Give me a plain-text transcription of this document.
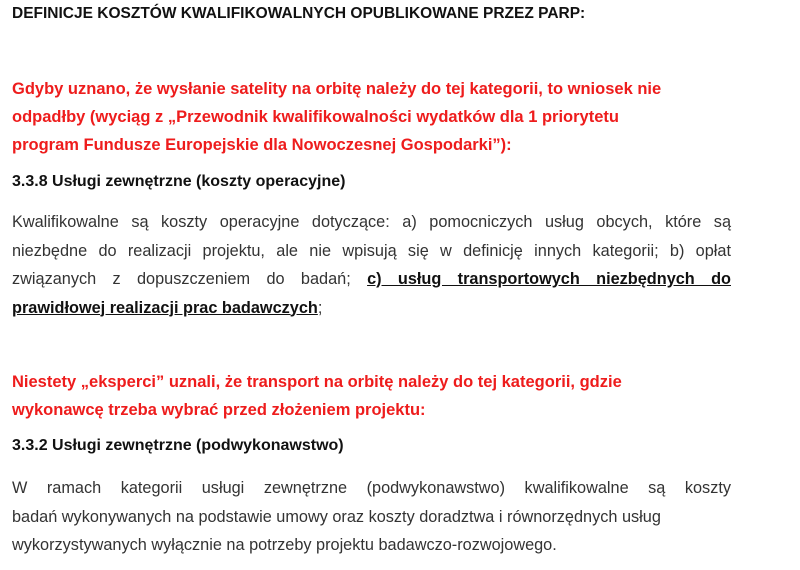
DEFINICJE KOSZTÓW KWALIFIKOWALNYCH OPUBLIKOWANE PRZEZ PARP:

Gdyby uznano, że wysłanie satelity na orbitę należy do tej kategorii, to wniosek nie
odpadłby (wyciąg z „Przewodnik kwalifikowalności wydatków dla 1 priorytetu
program Fundusze Europejskie dla Nowoczesnej Gospodarki”):

3.3.8 Usługi zewnętrzne (koszty operacyjne)

Kwalifikowalne są koszty operacyjne dotyczące: a) pomocniczych usług obcych, które są
niezbędne do realizacji projektu, ale nie wpisują się w definicję innych kategorii; b) opłat
związanych z dopuszczeniem do badań; c) usług transportowych niezbędnych do
prawidłowej realizacji prac badawczych;

Niestety „eksperci” uznali, że transport na orbitę należy do tej kategorii, gdzie
wykonawcę trzeba wybrać przed złożeniem projektu:

3.3.2 Usługi zewnętrzne (podwykonawstwo)

W ramach kategorii usługi zewnętrzne (podwykonawstwo) kwalifikowalne są koszty
badań wykonywanych na podstawie umowy oraz koszty doradztwa i równorzędnych usług
wykorzystywanych wyłącznie na potrzeby projektu badawczo-rozwojowego.
